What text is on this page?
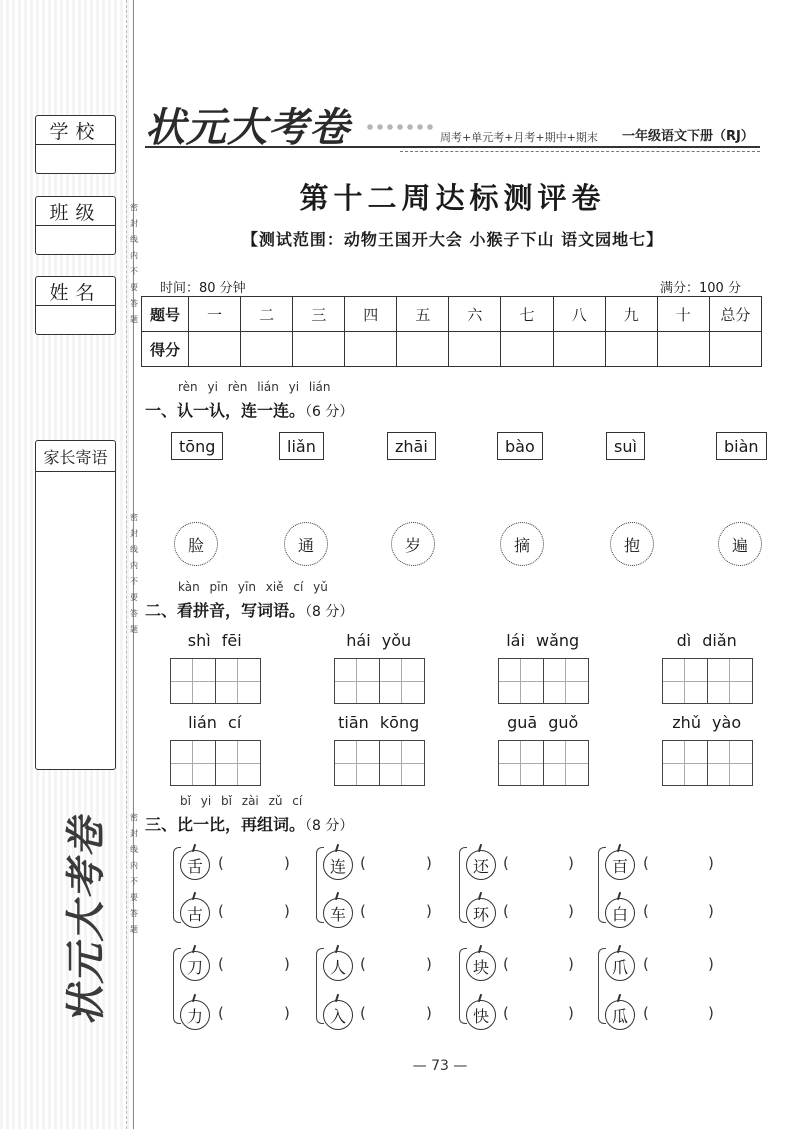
学校
班级
姓名
家长寄语
密
封
线
内
不
要
答
题
密
封
线
内
不
要
答
题
密
封
线
内
不
要
答
题
状元大考卷
状元大考卷	周考+单元考+月考+期中+期末 一年级语文下册（RJ）
第十二周达标测评卷
【测试范围：动物王国开大会 小猴子下山 语文园地七】
时间：80 分钟	满分：100 分
题号	一	二	三	四	五	六	七	八	九	十	总分
得分											
rèn yi rèn lián yi lián
一、认一认，连一连。（6 分）
tōng	liǎn	zhāi	bào	suì	biàn
脸	通	岁	摘	抱	遍
kàn pīn yīn xiě cí yǔ
二、看拼音，写词语。（8 分）
shì fēi	hái yǒu	lái wǎng	dì diǎn
lián cí	tiān kōng	guā guǒ	zhǔ yào
bǐ yi bǐ zài zǔ cí
三、比一比，再组词。（8 分）
舌
古
(	)
(	)
连
车
(	)
(	)
还
环
(	)
(	)
百
白
(	)
(	)
刀
力
(	)
(	)
人
入
(	)
(	)
块
快
(	)
(	)
爪
瓜
(	)
(	)
— 73 —
